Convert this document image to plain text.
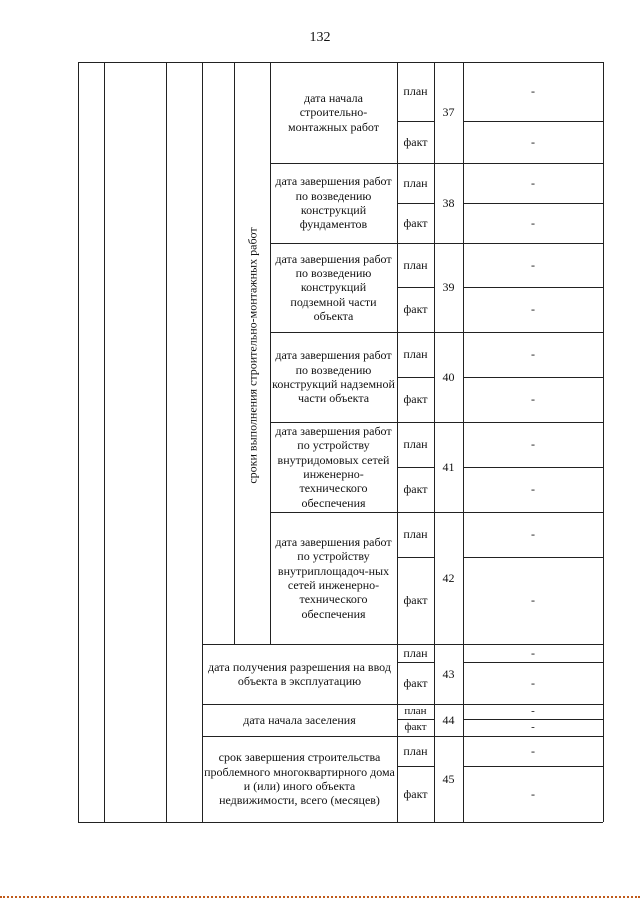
132
дата начала строительно-монтажных работ
план
факт
37
-
-
дата завершения работ по возведению конструкций фундаментов
план
факт
38
-
-
дата завершения работ по возведению конструкций подземной части объекта
план
факт
39
-
-
дата завершения работ по возведению конструкций надземной части объекта
план
факт
40
-
-
дата завершения работ по устройству внутридомовых сетей инженерно-технического обеспечения
план
факт
41
-
-
дата завершения работ по устройству внутриплощадоч-ных сетей инженерно-технического обеспечения
план
факт
42
-
-
дата получения разрешения на ввод объекта в эксплуатацию
план
факт
43
-
-
дата начала заселения
план
факт
44
-
-
срок завершения строительства проблемного многоквартирного дома и (или) иного объекта недвижимости, всего (месяцев)
план
факт
45
-
-
сроки выполнения строительно-монтажных работ
